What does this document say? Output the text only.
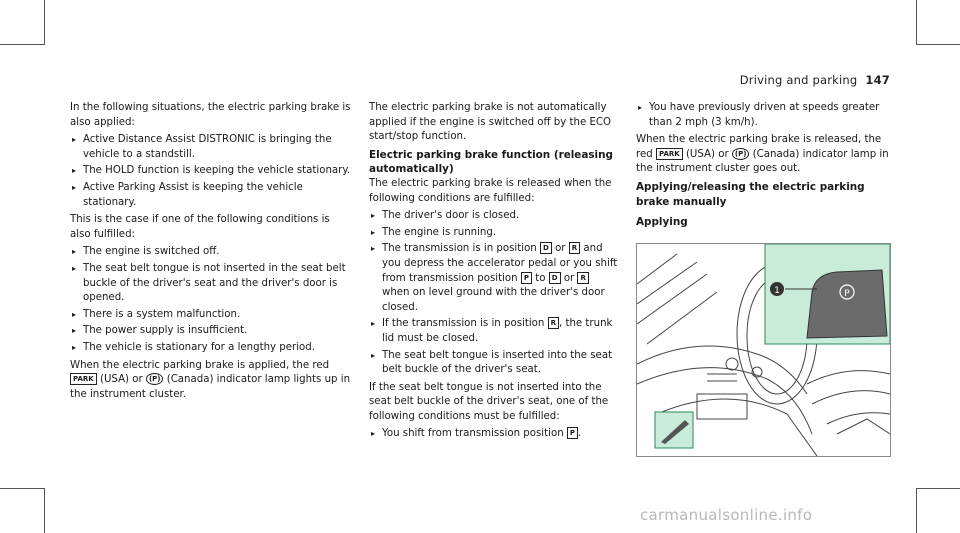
Driving and parking 147

In the following situations, the electric parking brake is also applied:

▸ Active Distance Assist DISTRONIC is bringing the vehicle to a standstill.
▸ The HOLD function is keeping the vehicle stationary.
▸ Active Parking Assist is keeping the vehicle stationary.

This is the case if one of the following conditions is also fulfilled:

▸ The engine is switched off.
▸ The seat belt tongue is not inserted in the seat belt buckle of the driver's seat and the driver's door is opened.
▸ There is a system malfunction.
▸ The power supply is insufficient.
▸ The vehicle is stationary for a lengthy period.

When the electric parking brake is applied, the red PARK (USA) or (P) (Canada) indicator lamp lights up in the instrument cluster.

The electric parking brake is not automatically applied if the engine is switched off by the ECO start/stop function.

Electric parking brake function (releasing automatically)

The electric parking brake is released when the following conditions are fulfilled:

▸ The driver's door is closed.
▸ The engine is running.
▸ The transmission is in position D or R and you depress the accelerator pedal or you shift from transmission position P to D or R when on level ground with the driver's door closed.
▸ If the transmission is in position R , the trunk lid must be closed.
▸ The seat belt tongue is inserted into the seat belt buckle of the driver's seat.

If the seat belt tongue is not inserted into the seat belt buckle of the driver's seat, one of the following conditions must be fulfilled:

▸ You shift from transmission position P .
▸ You have previously driven at speeds greater than 2 mph (3 km/h).

When the electric parking brake is released, the red PARK (USA) or (P) (Canada) indicator lamp in the instrument cluster goes out.

Applying/releasing the electric parking brake manually
Applying
P
1
carmanualsonline.info
